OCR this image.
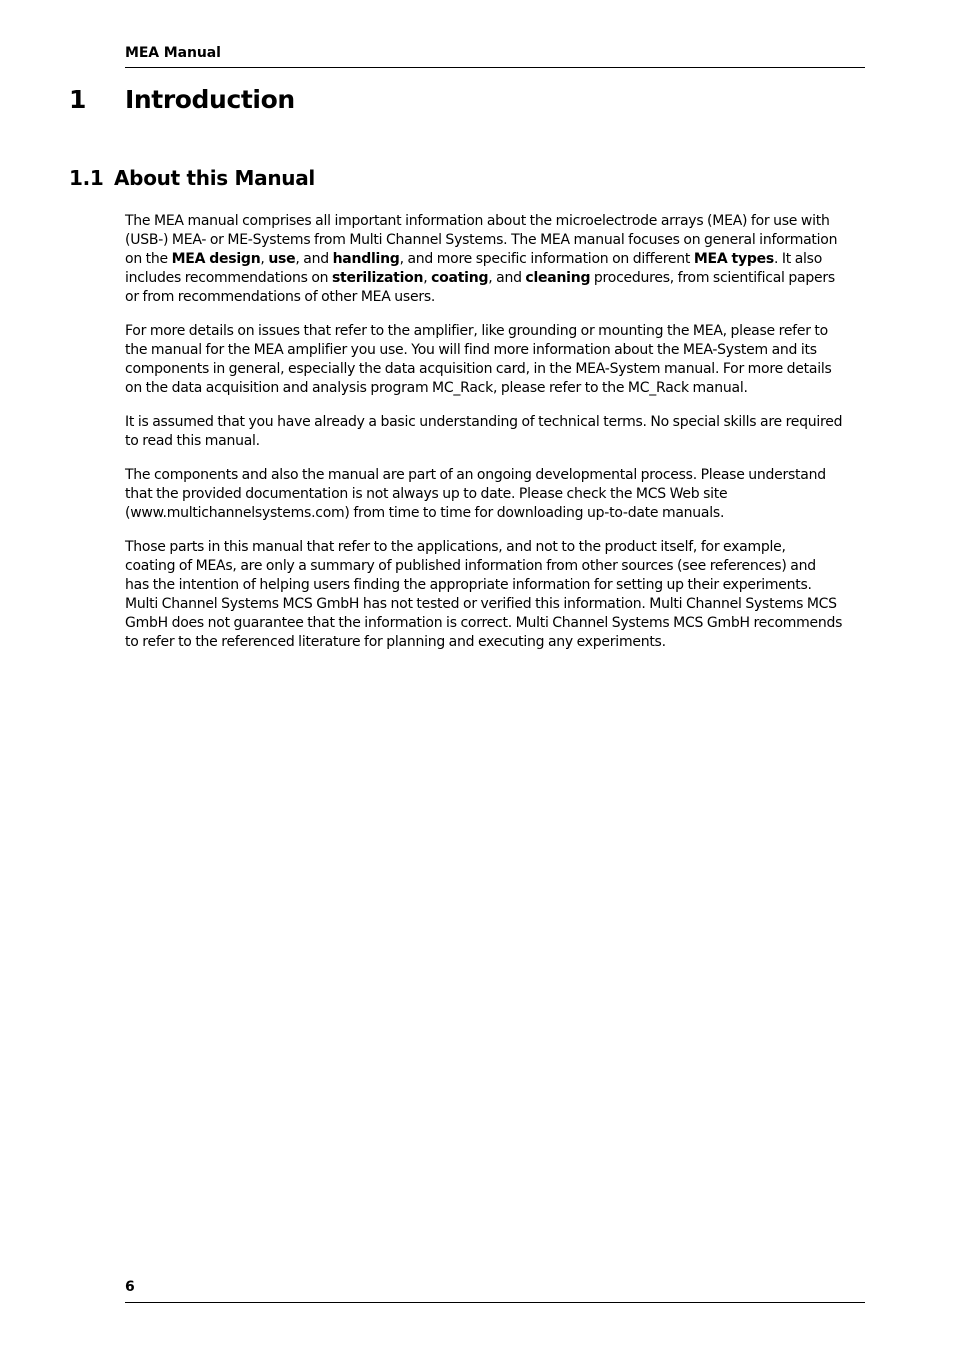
MEA Manual
1 Introduction
1.1 About this Manual

The MEA manual comprises all important information about the microelectrode arrays (MEA) for use with
(USB-) MEA- or ME-Systems from Multi Channel Systems. The MEA manual focuses on general information
on the MEA design, use, and handling, and more specific information on different MEA types. It also
includes recommendations on sterilization, coating, and cleaning procedures, from scientifical papers
or from recommendations of other MEA users.

For more details on issues that refer to the amplifier, like grounding or mounting the MEA, please refer to
the manual for the MEA amplifier you use. You will find more information about the MEA-System and its
components in general, especially the data acquisition card, in the MEA-System manual. For more details
on the data acquisition and analysis program MC_Rack, please refer to the MC_Rack manual.

It is assumed that you have already a basic understanding of technical terms. No special skills are required
to read this manual.

The components and also the manual are part of an ongoing developmental process. Please understand
that the provided documentation is not always up to date. Please check the MCS Web site
(www.multichannelsystems.com) from time to time for downloading up-to-date manuals.

Those parts in this manual that refer to the applications, and not to the product itself, for example,
coating of MEAs, are only a summary of published information from other sources (see references) and
has the intention of helping users finding the appropriate information for setting up their experiments.
Multi Channel Systems MCS GmbH has not tested or verified this information. Multi Channel Systems MCS
GmbH does not guarantee that the information is correct. Multi Channel Systems MCS GmbH recommends
to refer to the referenced literature for planning and executing any experiments.

6
